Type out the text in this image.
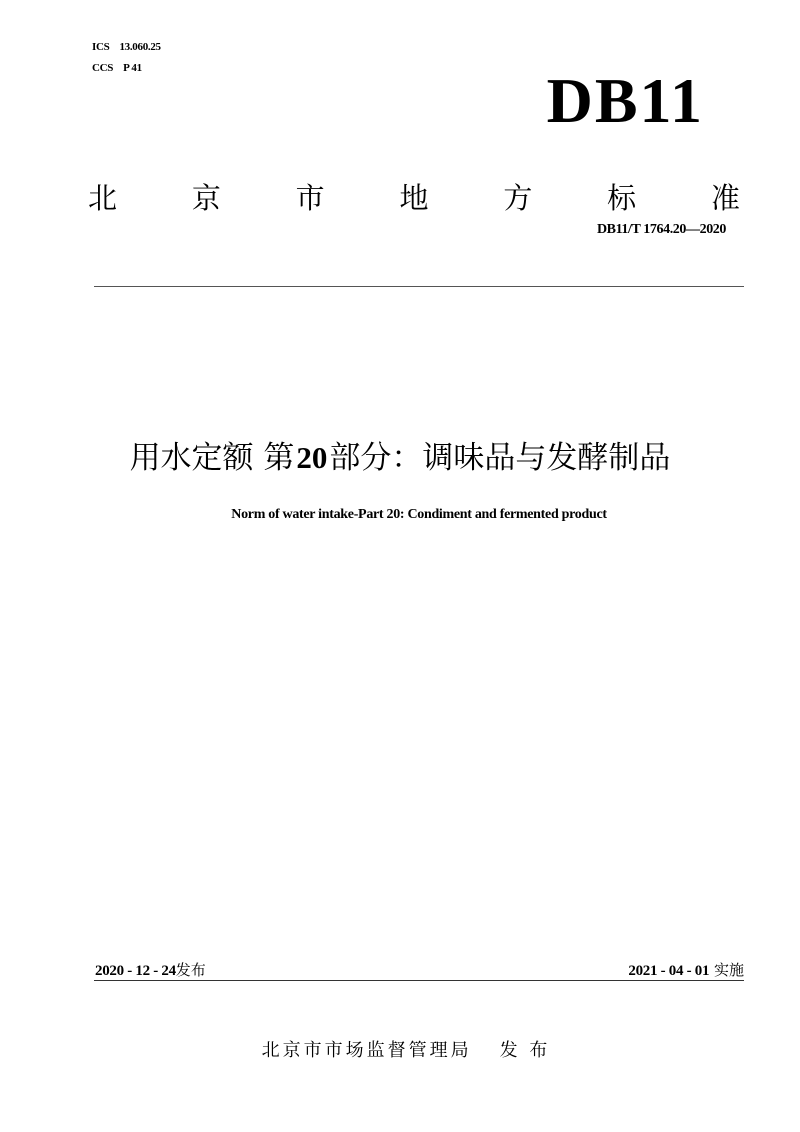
ICS 13.060.25
CCS P 41	DB11
北	京	市	地	方	标	准
DB11/T 1764.20—2020
用水定额 第20部分：调味品与发酵制品
Norm of water intake-Part 20: Condiment and fermented product
2020 - 12 - 24发布	2021 - 04 - 01 实施
北京市市场监督管理局 发 布
